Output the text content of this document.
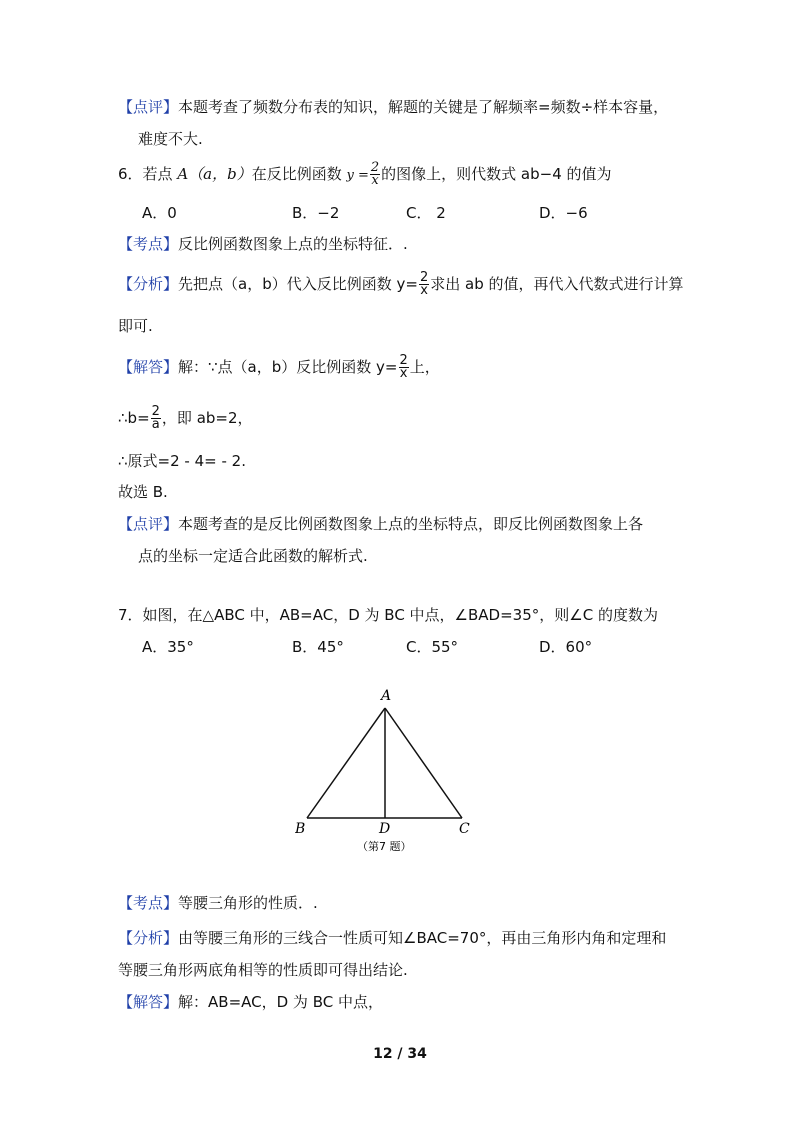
【点评】本题考查了频数分布表的知识，解题的关键是了解频率=频数÷样本容量，
难度不大.
6．若点 A（a，b）在反比例函数 $y = \frac{2}{x}$ 的图像上，则代数式 ab−4 的值为
A．0	B．−2	C． 2	D．−6
【考点】反比例函数图象上点的坐标特征．.
【分析】先把点（a，b）代入反比例函数 $y= \frac{2}{x}$ 求出 ab 的值，再代入代数式进行计算
即可.
【解答】解：∵点（a，b）反比例函数 $y= \frac{2}{x}$ 上，
∴b= $\frac{2}{a}$ ，即 ab=2，
∴原式=2 ‐ 4= ‐ 2.
故选 B.
【点评】本题考查的是反比例函数图象上点的坐标特点，即反比例函数图象上各
点的坐标一定适合此函数的解析式.
7．如图，在△ABC 中，AB=AC，D 为 BC 中点，∠BAD=35°，则∠C 的度数为
A．35°	B．45°	C．55°	D．60°
A
B	D	C
（第7 题）
【考点】等腰三角形的性质．.
【分析】由等腰三角形的三线合一性质可知∠BAC=70°，再由三角形内角和定理和
等腰三角形两底角相等的性质即可得出结论.
【解答】解：AB=AC，D 为 BC 中点，
12 / 34
